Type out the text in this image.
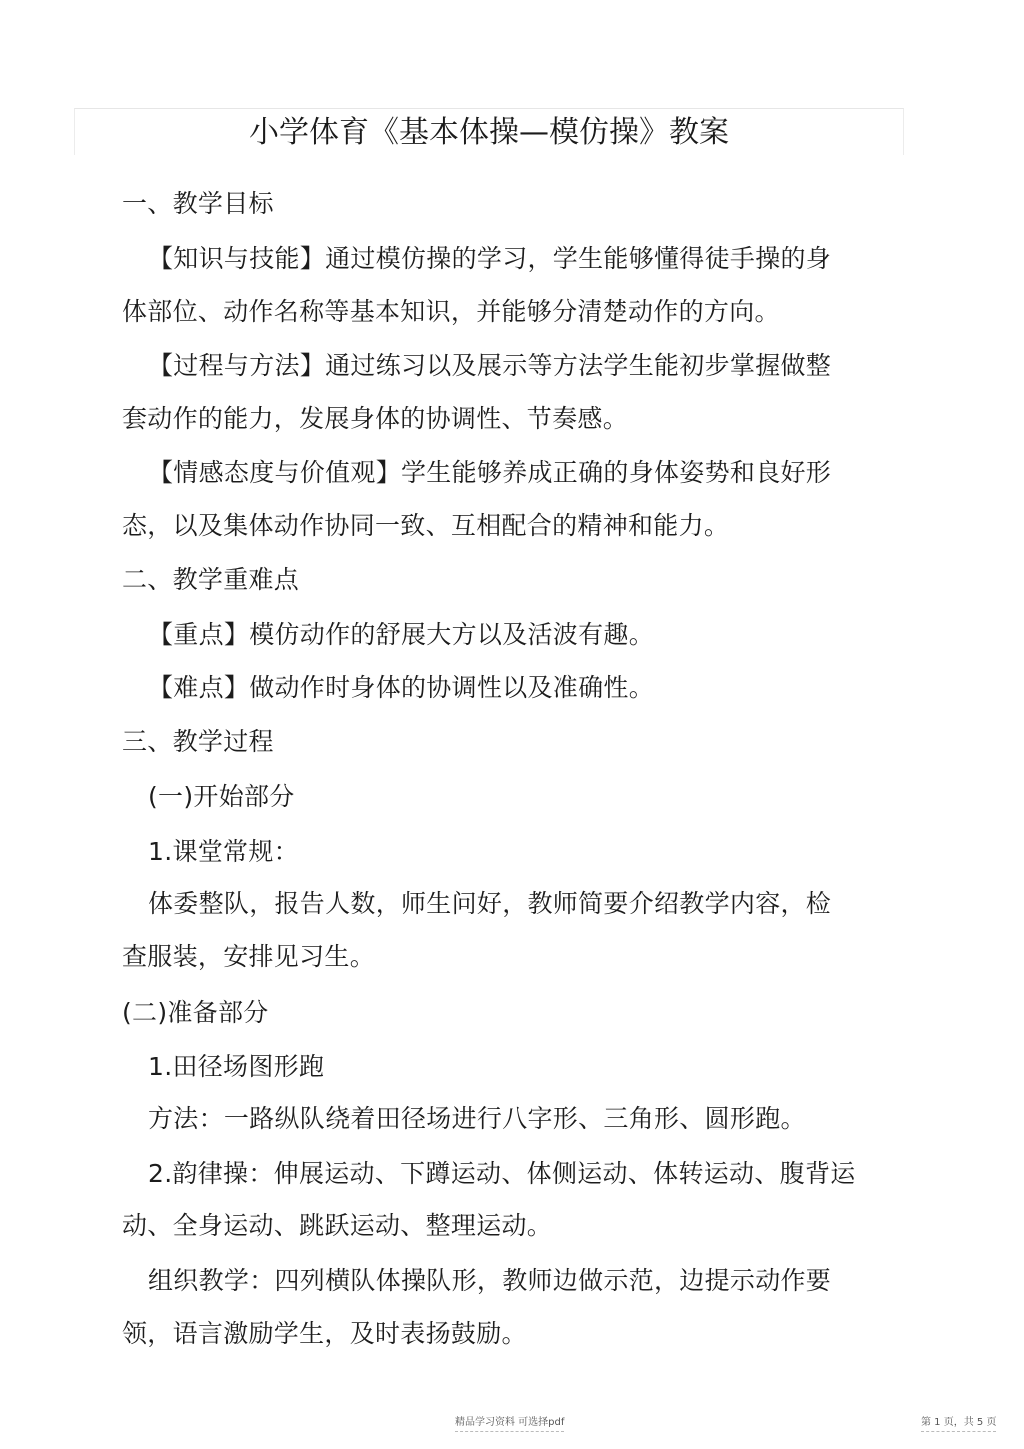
小学体育《基本体操—模仿操》教案
一、教学目标
【知识与技能】通过模仿操的学习，学生能够懂得徒手操的身
体部位、动作名称等基本知识，并能够分清楚动作的方向。
【过程与方法】通过练习以及展示等方法学生能初步掌握做整
套动作的能力，发展身体的协调性、节奏感。
【情感态度与价值观】学生能够养成正确的身体姿势和良好形
态，以及集体动作协同一致、互相配合的精神和能力。
二、教学重难点
【重点】模仿动作的舒展大方以及活波有趣。
【难点】做动作时身体的协调性以及准确性。
三、教学过程
(一)开始部分
1.课堂常规：
体委整队，报告人数，师生问好，教师简要介绍教学内容，检
查服装，安排见习生。
(二)准备部分
1.田径场图形跑
方法：一路纵队绕着田径场进行八字形、三角形、圆形跑。
2.韵律操：伸展运动、下蹲运动、体侧运动、体转运动、腹背运
动、全身运动、跳跃运动、整理运动。
组织教学：四列横队体操队形，教师边做示范，边提示动作要
领，语言激励学生，及时表扬鼓励。
精品学习资料 可选择pdf	第 1 页，共 5 页
